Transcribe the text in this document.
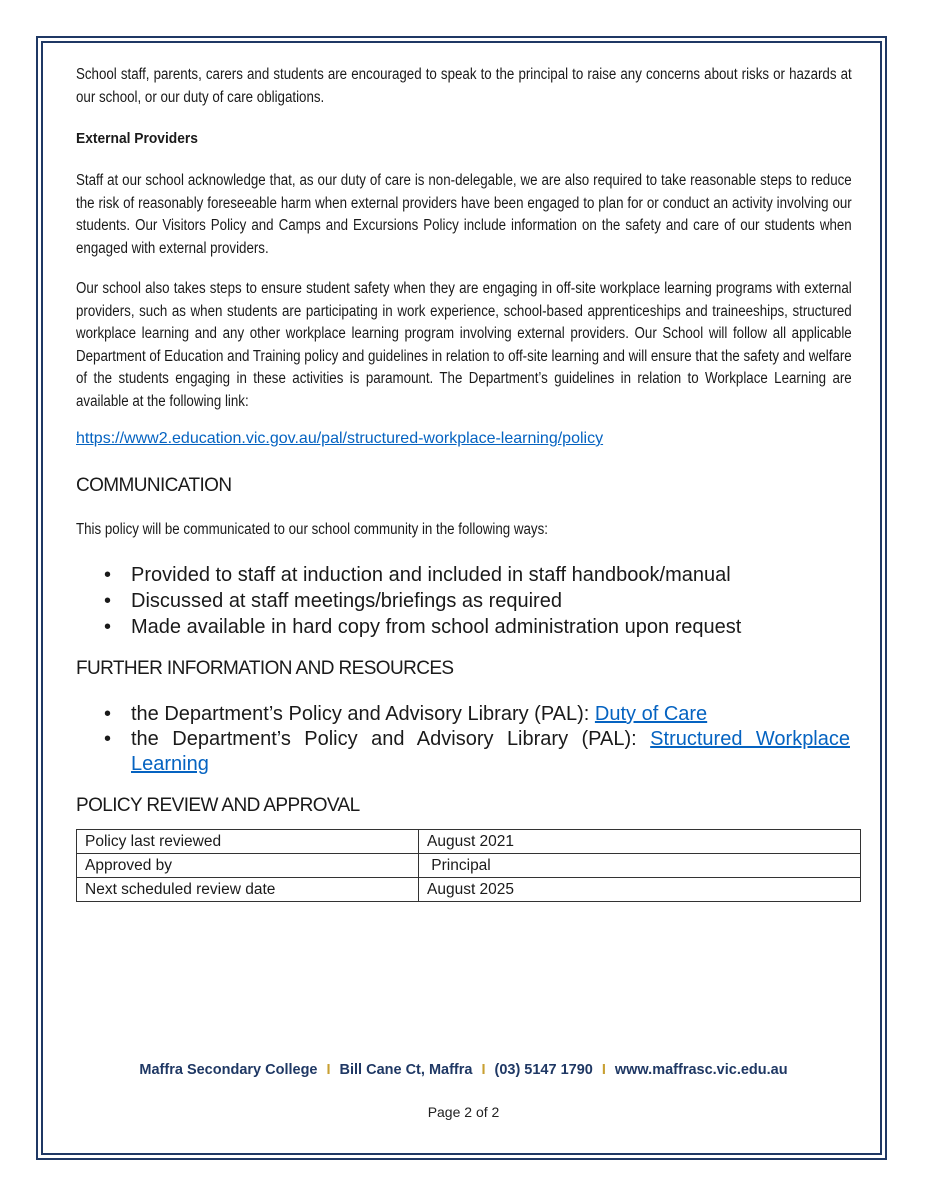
School staff, parents, carers and students are encouraged to speak to the principal to raise any concerns about risks or hazards at our school, or our duty of care obligations.

External Providers

Staff at our school acknowledge that, as our duty of care is non-delegable, we are also required to take reasonable steps to reduce the risk of reasonably foreseeable harm when external providers have been engaged to plan for or conduct an activity involving our students. Our Visitors Policy and Camps and Excursions Policy include information on the safety and care of our students when engaged with external providers.

Our school also takes steps to ensure student safety when they are engaging in off-site workplace learning programs with external providers, such as when students are participating in work experience, school-based apprenticeships and traineeships, structured workplace learning and any other workplace learning program involving external providers. Our School will follow all applicable Department of Education and Training policy and guidelines in relation to off-site learning and will ensure that the safety and welfare of the students engaging in these activities is paramount. The Department’s guidelines in relation to Workplace Learning are available at the following link:

https://www2.education.vic.gov.au/pal/structured-workplace-learning/policy

COMMUNICATION

This policy will be communicated to our school community in the following ways:

• Provided to staff at induction and included in staff handbook/manual
• Discussed at staff meetings/briefings as required
• Made available in hard copy from school administration upon request
FURTHER INFORMATION AND RESOURCES
• the Department’s Policy and Advisory Library (PAL): Duty of Care
• the Department’s Policy and Advisory Library (PAL): Structured Workplace Learning
POLICY REVIEW AND APPROVAL
Policy last reviewed	August 2021
Approved by	Principal
Next scheduled review date	August 2025
Maffra Secondary College I Bill Cane Ct, Maffra I (03) 5147 1790 I www.maffrasc.vic.edu.au
Page 2 of 2
